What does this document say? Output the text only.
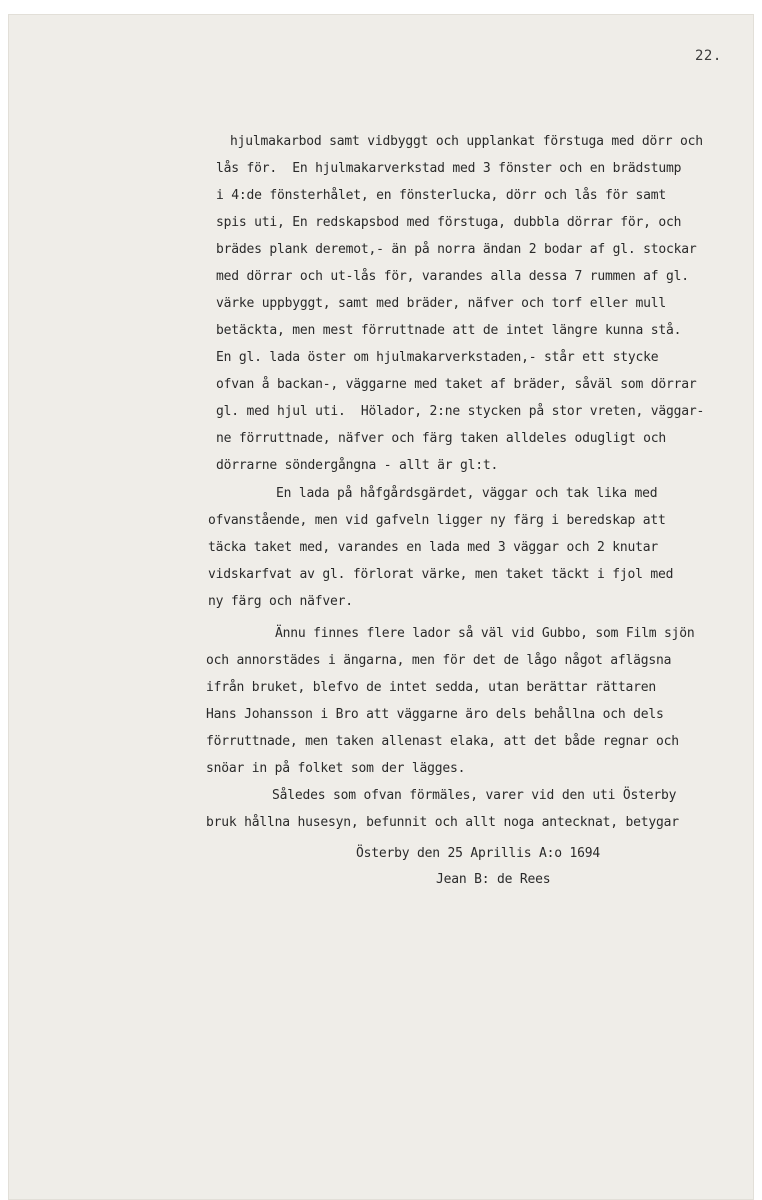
22.
hjulmakarbod samt vidbyggt och upplankat förstuga med dörr och
lås för.  En hjulmakarverkstad med 3 fönster och en brädstump
i 4:de fönsterhålet, en fönsterlucka, dörr och lås för samt
spis uti, En redskapsbod med förstuga, dubbla dörrar för, och
brädes plank deremot,- än på norra ändan 2 bodar af gl. stockar
med dörrar och ut-lås för, varandes alla dessa 7 rummen af gl.
värke uppbyggt, samt med bräder, näfver och torf eller mull
betäckta, men mest förruttnade att de intet längre kunna stå.
En gl. lada öster om hjulmakarverkstaden,- står ett stycke
ofvan å backan-, väggarne med taket af bräder, såväl som dörrar
gl. med hjul uti.  Hölador, 2:ne stycken på stor vreten, väggar-
ne förruttnade, näfver och färg taken alldeles odugligt och
dörrarne söndergångna - allt är gl:t.
En lada på håfgårdsgärdet, väggar och tak lika med
ofvanstående, men vid gafveln ligger ny färg i beredskap att
täcka taket med, varandes en lada med 3 väggar och 2 knutar
vidskarfvat av gl. förlorat värke, men taket täckt i fjol med
ny färg och näfver.
Ännu finnes flere lador så väl vid Gubbo, som Film sjön
och annorstädes i ängarna, men för det de lågo något aflägsna
ifrån bruket, blefvo de intet sedda, utan berättar rättaren
Hans Johansson i Bro att väggarne äro dels behållna och dels
förruttnade, men taken allenast elaka, att det både regnar och
snöar in på folket som der lägges.
Således som ofvan förmäles, varer vid den uti Österby
bruk hållna husesyn, befunnit och allt noga antecknat, betygar
Österby den 25 Aprillis A:o 1694
Jean B: de Rees
